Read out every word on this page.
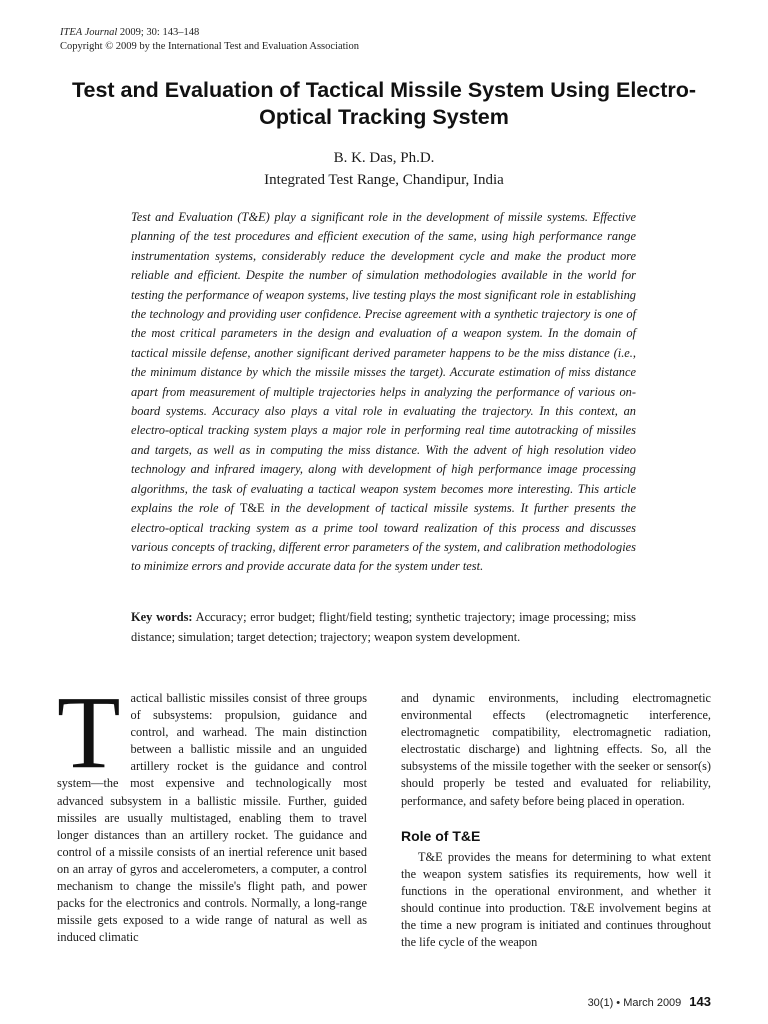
ITEA Journal 2009; 30: 143–148
Copyright © 2009 by the International Test and Evaluation Association
Test and Evaluation of Tactical Missile System Using Electro-Optical Tracking System
B. K. Das, Ph.D.
Integrated Test Range, Chandipur, India
Test and Evaluation (T&E) play a significant role in the development of missile systems. Effective planning of the test procedures and efficient execution of the same, using high performance range instrumentation systems, considerably reduce the development cycle and make the product more reliable and efficient. Despite the number of simulation methodologies available in the world for testing the performance of weapon systems, live testing plays the most significant role in establishing the technology and providing user confidence. Precise agreement with a synthetic trajectory is one of the most critical parameters in the design and evaluation of a weapon system. In the domain of tactical missile defense, another significant derived parameter happens to be the miss distance (i.e., the minimum distance by which the missile misses the target). Accurate estimation of miss distance apart from measurement of multiple trajectories helps in analyzing the performance of various on-board systems. Accuracy also plays a vital role in evaluating the trajectory. In this context, an electro-optical tracking system plays a major role in performing real time autotracking of missiles and targets, as well as in computing the miss distance. With the advent of high resolution video technology and infrared imagery, along with development of high performance image processing algorithms, the task of evaluating a tactical weapon system becomes more interesting. This article explains the role of T&E in the development of tactical missile systems. It further presents the electro-optical tracking system as a prime tool toward realization of this process and discusses various concepts of tracking, different error parameters of the system, and calibration methodologies to minimize errors and provide accurate data for the system under test.
Key words: Accuracy; error budget; flight/field testing; synthetic trajectory; image processing; miss distance; simulation; target detection; trajectory; weapon system development.
Tactical ballistic missiles consist of three groups of subsystems: propulsion, guidance and control, and warhead. The main distinction between a ballistic missile and an unguided artillery rocket is the guidance and control system—the most expensive and technologically most advanced subsystem in a ballistic missile. Further, guided missiles are usually multistaged, enabling them to travel longer distances than an artillery rocket. The guidance and control of a missile consists of an inertial reference unit based on an array of gyros and accelerometers, a computer, a control mechanism to change the missile's flight path, and power packs for the electronics and controls. Normally, a long-range missile gets exposed to a wide range of natural as well as induced climatic
and dynamic environments, including electromagnetic environmental effects (electromagnetic interference, electromagnetic compatibility, electromagnetic radiation, electrostatic discharge) and lightning effects. So, all the subsystems of the missile together with the seeker or sensor(s) should properly be tested and evaluated for reliability, performance, and safety before being placed in operation.
Role of T&E
T&E provides the means for determining to what extent the weapon system satisfies its requirements, how well it functions in the operational environment, and whether it should continue into production. T&E involvement begins at the time a new program is initiated and continues throughout the life cycle of the weapon
30(1) • March 2009 143
